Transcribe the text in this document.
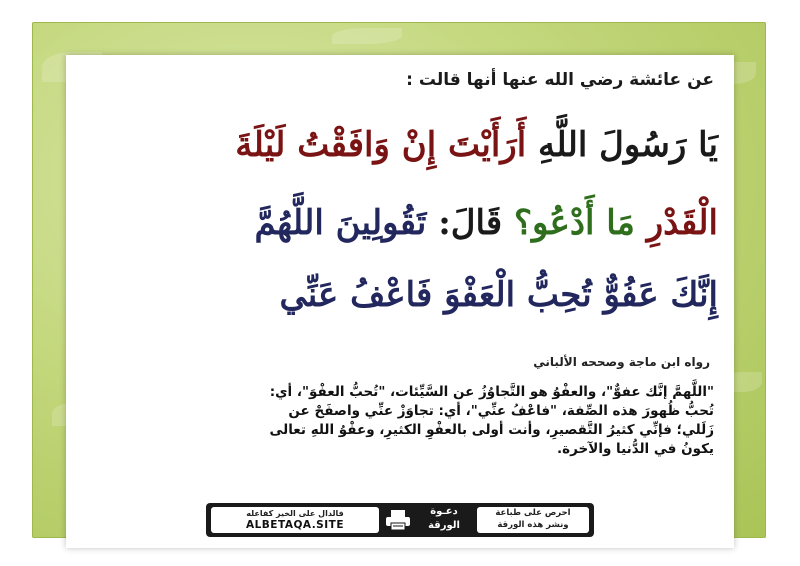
عن عائشة رضي الله عنها أنها قالت :
يَا رَسُولَ اللَّهِ أَرَأَيْتَ إِنْ وَافَقْتُ لَيْلَةَ
الْقَدْرِ مَا أَدْعُو؟ قَالَ: تَقُولِينَ اللَّهُمَّ
إِنَّكَ عَفُوٌّ تُحِبُّ الْعَفْوَ فَاعْفُ عَنِّي
رواه ابن ماجة وصححه الألباني

"اللَّهمَّ إنَّك عفوٌّ"، والعفْوُ هو التَّجاوُزُ عن السَّيِّئات، "تُحبُّ العفْوَ"، أي:

تُحبُّ ظُهورَ هذه الصِّفة، "فاعْفُ عنِّي"، أي: تجاوَزْ عنِّي واصفَحْ عن

زَلَلي؛ فإنِّي كثيرُ التَّقصيرِ، وأنت أولى بالعفْوِ الكثيرِ، وعفْوُ اللهِ تعالى

يكونُ في الدُّنيا والآخرة.

فالدال على الخير كفاعله
ALBETAQA.SITE
دعـوة
الورقة
احرص على طباعة
ونشر هذه الورقة
